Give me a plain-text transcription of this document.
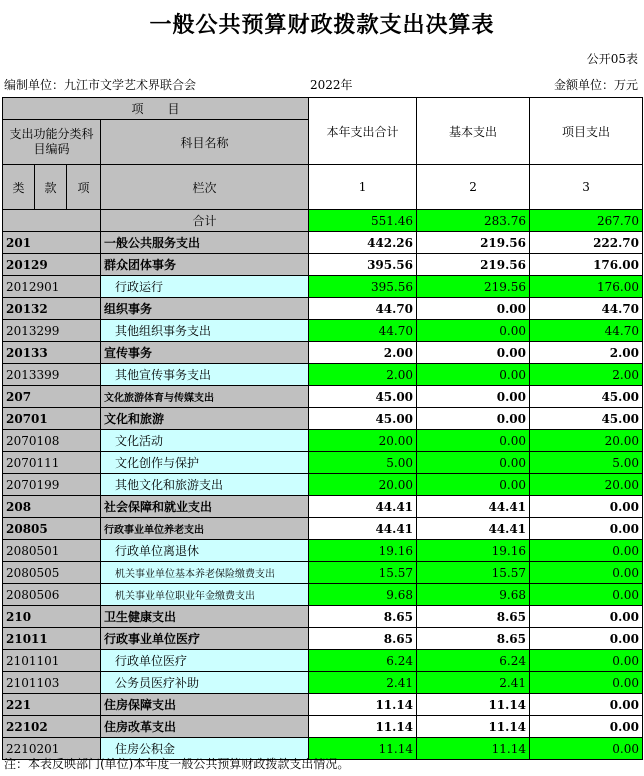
一般公共预算财政拨款支出决算表
公开05表
编制单位：九江市文学艺术界联合会	2022年	金额单位：万元
项　　目				本年支出合计	基本支出	项目支出
支出功能分类科目编码			科目名称			
类	款	项				
			栏次	1	2	3
			合计	551.46	283.76	267.70
201			一般公共服务支出	442.26	219.56	222.70
20129			群众团体事务	395.56	219.56	176.00
2012901			行政运行	395.56	219.56	176.00
20132			组织事务	44.70	0.00	44.70
2013299			其他组织事务支出	44.70	0.00	44.70
20133			宣传事务	2.00	0.00	2.00
2013399			其他宣传事务支出	2.00	0.00	2.00
207			文化旅游体育与传媒支出	45.00	0.00	45.00
20701			文化和旅游	45.00	0.00	45.00
2070108			文化活动	20.00	0.00	20.00
2070111			文化创作与保护	5.00	0.00	5.00
2070199			其他文化和旅游支出	20.00	0.00	20.00
208			社会保障和就业支出	44.41	44.41	0.00
20805			行政事业单位养老支出	44.41	44.41	0.00
2080501			行政单位离退休	19.16	19.16	0.00
2080505			机关事业单位基本养老保险缴费支出	15.57	15.57	0.00
2080506			机关事业单位职业年金缴费支出	9.68	9.68	0.00
210			卫生健康支出	8.65	8.65	0.00
21011			行政事业单位医疗	8.65	8.65	0.00
2101101			行政单位医疗	6.24	6.24	0.00
2101103			公务员医疗补助	2.41	2.41	0.00
221			住房保障支出	11.14	11.14	0.00
22102			住房改革支出	11.14	11.14	0.00
2210201			住房公积金	11.14	11.14	0.00
注：本表反映部门(单位)本年度一般公共预算财政拨款支出情况。
